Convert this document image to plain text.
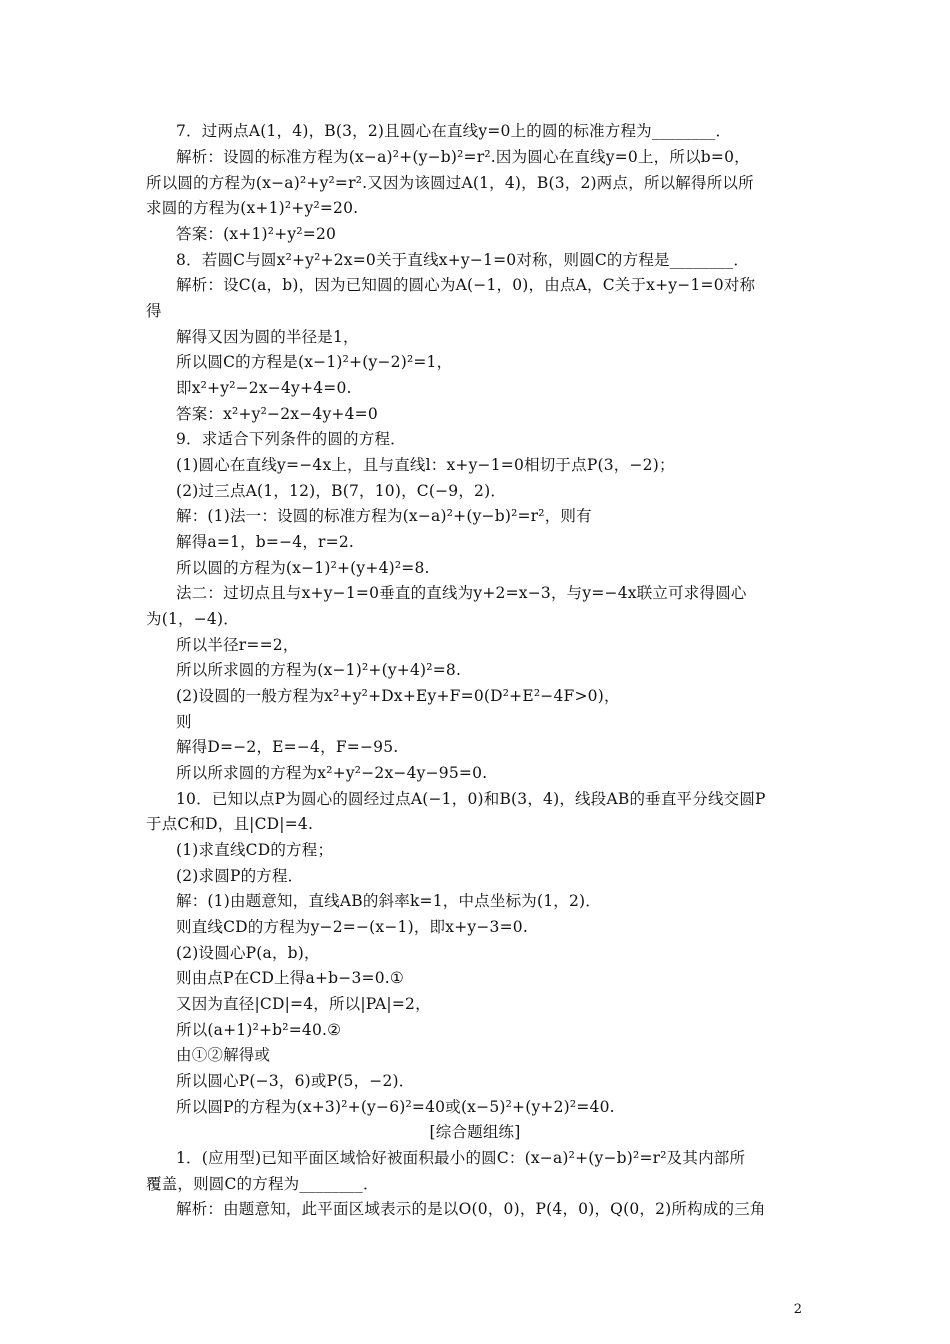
7．过两点A(1，4)，B(3，2)且圆心在直线y=0上的圆的标准方程为________．
解析：设圆的标准方程为(x−a)²+(y−b)²=r².因为圆心在直线y=0上，所以b=0，
所以圆的方程为(x−a)²+y²=r².又因为该圆过A(1，4)，B(3，2)两点，所以解得所以所
求圆的方程为(x+1)²+y²=20.
答案：(x+1)²+y²=20
8．若圆C与圆x²+y²+2x=0关于直线x+y−1=0对称，则圆C的方程是________．
解析：设C(a，b)，因为已知圆的圆心为A(−1，0)，由点A，C关于x+y−1=0对称
得
解得又因为圆的半径是1，
所以圆C的方程是(x−1)²+(y−2)²=1，
即x²+y²−2x−4y+4=0.
答案：x²+y²−2x−4y+4=0
9．求适合下列条件的圆的方程．
(1)圆心在直线y=−4x上，且与直线l：x+y−1=0相切于点P(3，−2)；
(2)过三点A(1，12)，B(7，10)，C(−9，2)．
解：(1)法一：设圆的标准方程为(x−a)²+(y−b)²=r²，则有
解得a=1，b=−4，r=2.
所以圆的方程为(x−1)²+(y+4)²=8.
法二：过切点且与x+y−1=0垂直的直线为y+2=x−3，与y=−4x联立可求得圆心
为(1，−4)．
所以半径r==2，
所以所求圆的方程为(x−1)²+(y+4)²=8.
(2)设圆的一般方程为x²+y²+Dx+Ey+F=0(D²+E²−4F>0)，
则
解得D=−2，E=−4，F=−95.
所以所求圆的方程为x²+y²−2x−4y−95=0.
10．已知以点P为圆心的圆经过点A(−1，0)和B(3，4)，线段AB的垂直平分线交圆P
于点C和D，且|CD|=4.
(1)求直线CD的方程；
(2)求圆P的方程．
解：(1)由题意知，直线AB的斜率k=1，中点坐标为(1，2)．
则直线CD的方程为y−2=−(x−1)，即x+y−3=0.
(2)设圆心P(a，b)，
则由点P在CD上得a+b−3=0.①
又因为直径|CD|=4，所以|PA|=2，
所以(a+1)²+b²=40.②
由①②解得或
所以圆心P(−3，6)或P(5，−2)．
所以圆P的方程为(x+3)²+(y−6)²=40或(x−5)²+(y+2)²=40.
[综合题组练]
1．(应用型)已知平面区域恰好被面积最小的圆C：(x−a)²+(y−b)²=r²及其内部所
覆盖，则圆C的方程为________．
解析：由题意知，此平面区域表示的是以O(0，0)，P(4，0)，Q(0，2)所构成的三角
2
